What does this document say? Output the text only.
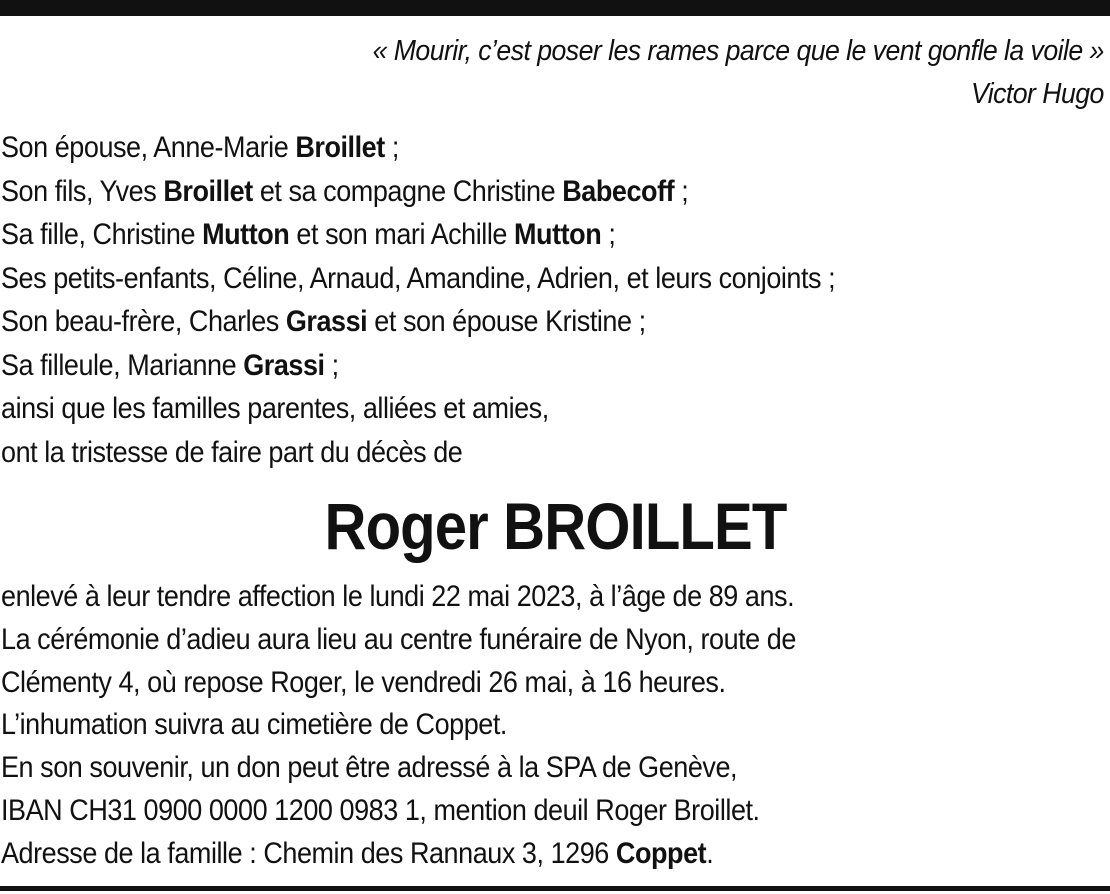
« Mourir, c’est poser les rames parce que le vent gonfle la voile »
Victor Hugo
Son épouse, Anne-Marie Broillet ;
Son fils, Yves Broillet et sa compagne Christine Babecoff ;
Sa fille, Christine Mutton et son mari Achille Mutton ;
Ses petits-enfants, Céline, Arnaud, Amandine, Adrien, et leurs conjoints ;
Son beau-frère, Charles Grassi et son épouse Kristine ;
Sa filleule, Marianne Grassi ;
ainsi que les familles parentes, alliées et amies,
ont la tristesse de faire part du décès de
Roger BROILLET
enlevé à leur tendre affection le lundi 22 mai 2023, à l’âge de 89 ans.
La cérémonie d’adieu aura lieu au centre funéraire de Nyon, route de
Clémenty 4, où repose Roger, le vendredi 26 mai, à 16 heures.
L’inhumation suivra au cimetière de Coppet.
En son souvenir, un don peut être adressé à la SPA de Genève,
IBAN CH31 0900 0000 1200 0983 1, mention deuil Roger Broillet.
Adresse de la famille : Chemin des Rannaux 3, 1296 Coppet.
